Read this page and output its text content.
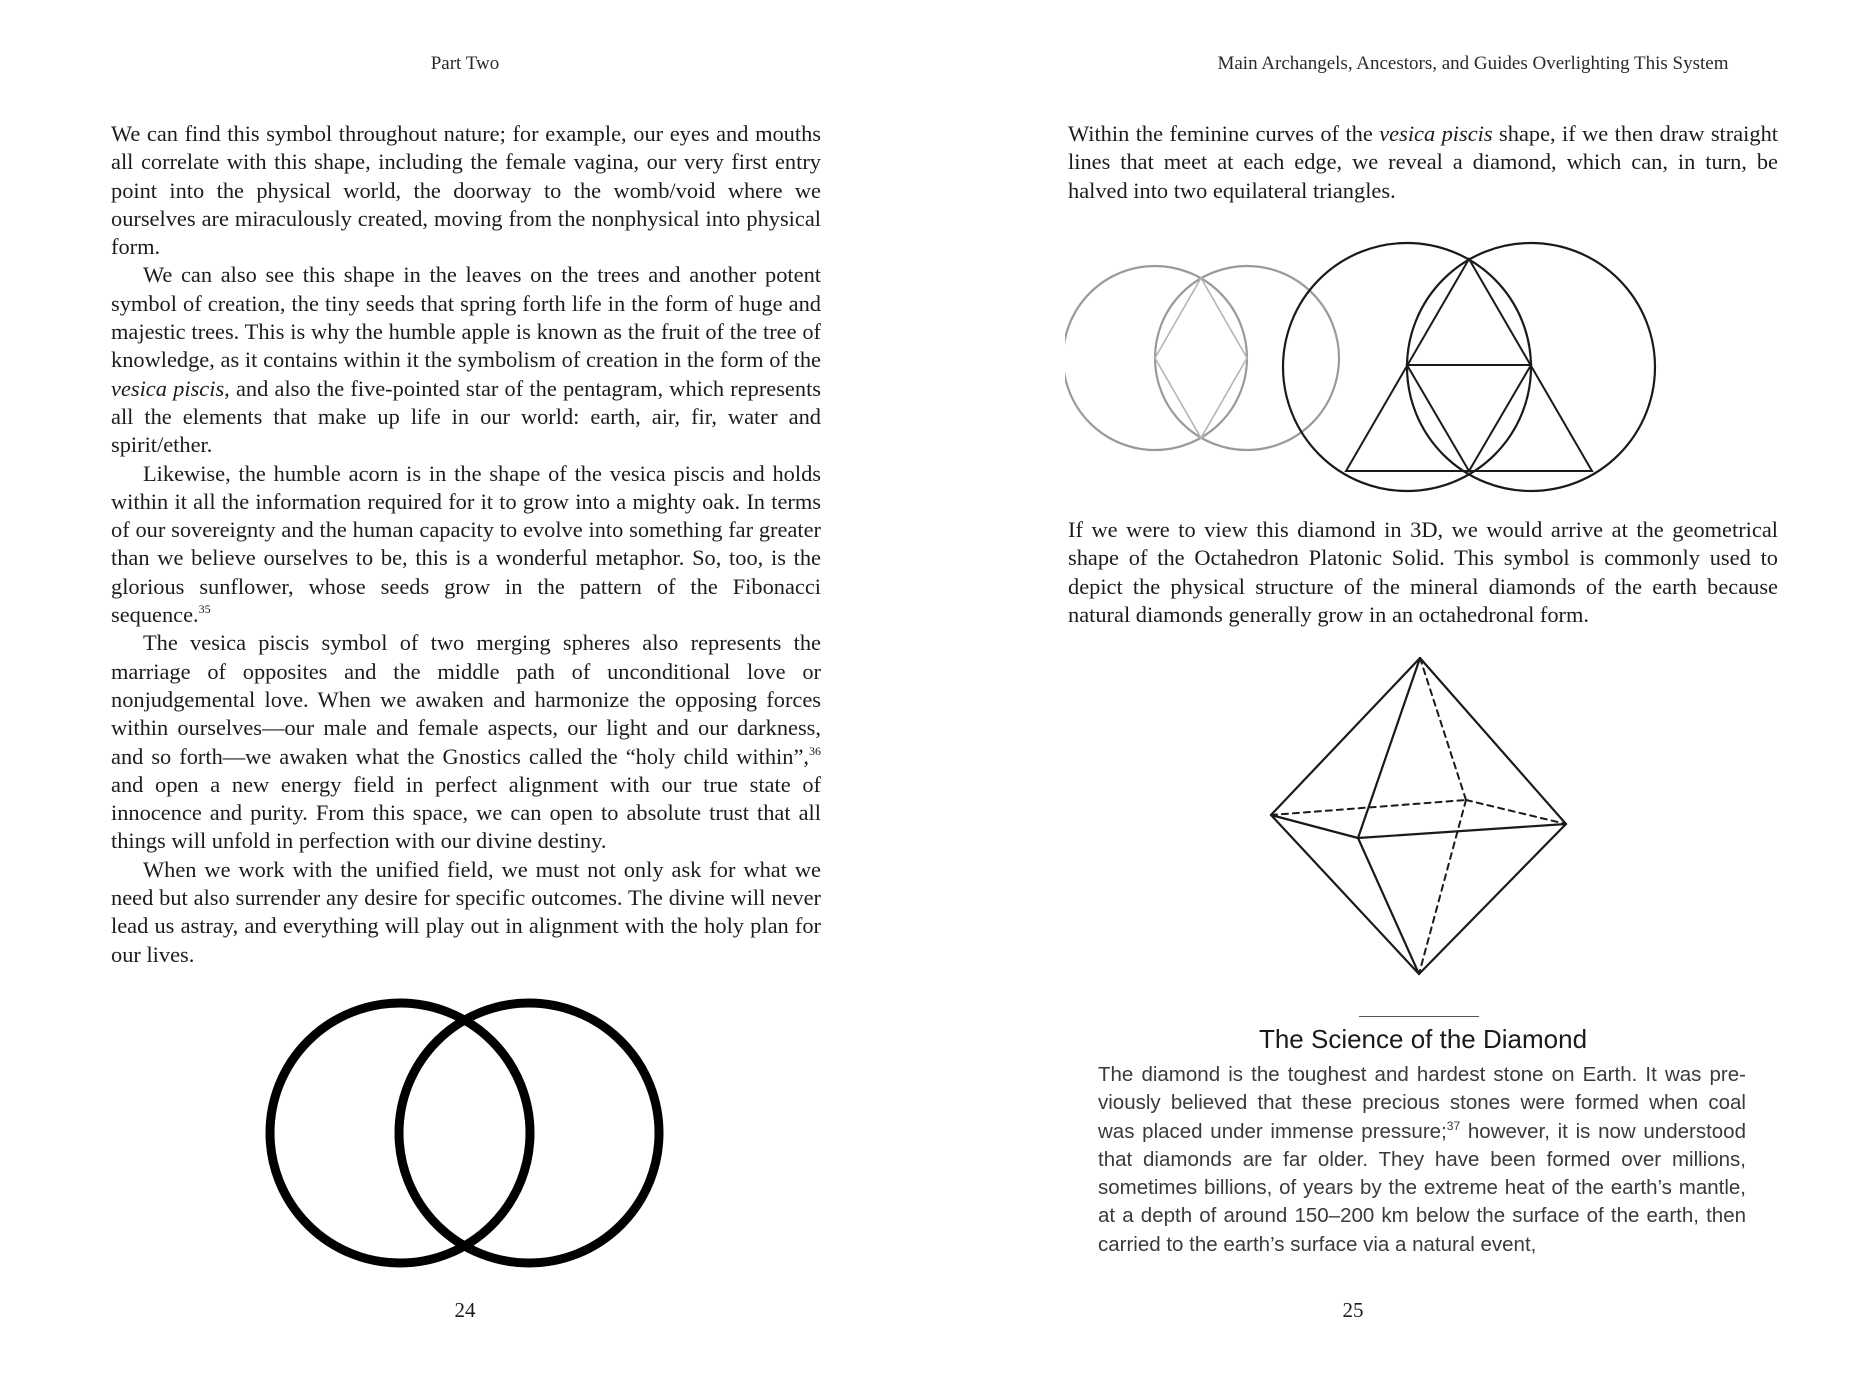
Part Two

We can find this symbol throughout nature; for example, our eyes and mouths all correlate with this shape, including the female vagina, our very first entry point into the physical world, the doorway to the womb/void where we ourselves are miraculously created, moving from the nonphysical into physical form.

We can also see this shape in the leaves on the trees and another potent symbol of creation, the tiny seeds that spring forth life in the form of huge and majestic trees. This is why the humble apple is known as the fruit of the tree of knowledge, as it contains within it the symbolism of creation in the form of the vesica piscis, and also the five-pointed star of the pentagram, which represents all the elements that make up life in our world: earth, air, fir, water and spirit/ether.

Likewise, the humble acorn is in the shape of the vesica piscis and holds within it all the information required for it to grow into a mighty oak. In terms of our sovereignty and the human capacity to evolve into something far greater than we believe ourselves to be, this is a wonderful metaphor. So, too, is the glorious sunflower, whose seeds grow in the pattern of the Fibonacci sequence.$^{35}$

The vesica piscis symbol of two merging spheres also represents the marriage of opposites and the middle path of unconditional love or nonjudgemental love. When we awaken and harmonize the opposing forces within ourselves—our male and female aspects, our light and our darkness, and so forth—we awaken what the Gnostics called the “holy child within”,$^{36}$ and open a new energy field in perfect alignment with our true state of innocence and purity. From this space, we can open to absolute trust that all things will unfold in perfection with our divine destiny.

When we work with the unified field, we must not only ask for what we need but also surrender any desire for specific outcomes. The divine will never lead us astray, and everything will play out in alignment with the holy plan for our lives.

24
Main Archangels, Ancestors, and Guides Overlighting This System

Within the feminine curves of the vesica piscis shape, if we then draw straight lines that meet at each edge, we reveal a diamond, which can, in turn, be halved into two equilateral triangles.

If we were to view this diamond in 3D, we would arrive at the geometrical shape of the Octahedron Platonic Solid. This symbol is commonly used to depict the physical structure of the mineral diamonds of the earth because natural diamonds generally grow in an octahedronal form.

The Science of the Diamond

The diamond is the toughest and hardest stone on Earth. It was previously believed that these precious stones were formed when coal was placed under immense pressure;$^{37}$ however, it is now understood that diamonds are far older. They have been formed over millions, sometimes billions, of years by the extreme heat of the earth’s mantle, at a depth of around 150–200 km below the surface of the earth, then carried to the earth’s surface via a natural event,

25
